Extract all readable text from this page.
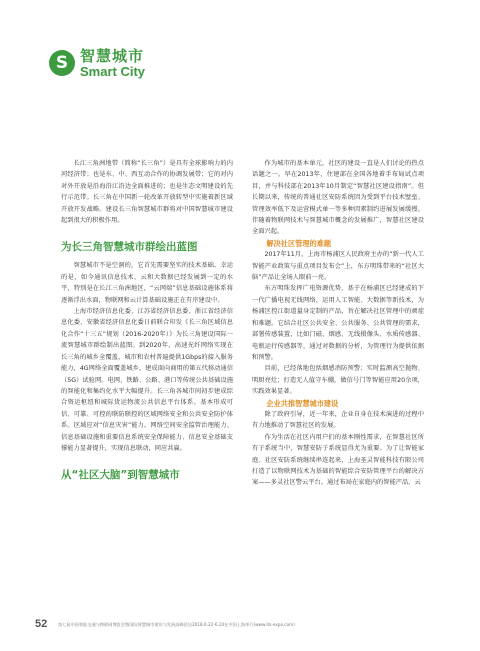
S 智慧城市
Smart City

长江三角洲地带（简称“长三角”）是具有全球影响力的内河经济带；也是东、中、西互动合作的协调发展带；它的对内对外开放是沿海沿江沿边全面推进的；也是生态文明建设的先行示范带。长三角在中国新一轮改革开放转型中实施着新区域开放开发战略。建设长三角智慧城市群将对中国智慧城市建设起到很大的积极作用。

为长三角智慧城市群绘出蓝图

智慧城市不是空洞的，它首先需要坚实的技术基础。幸运的是，如今通讯信息技术、云和大数据已经发展到一定的水平，特别是在长江三角洲地区，“云网端”信息基础设施体系将逐渐浮出水面，物联网和云计算基础设施正在有序建设中。

上海市经济信息化委、江苏省经济信息委、浙江省经济信息化委、安徽省经济信息化委日前联合印发《长三角区域信息化合作“十三五”规划（2016-2020年）》为长三角建设国际一流智慧城市群绘制出蓝图。到2020年，高速光纤网络实现在长三角的城乡全覆盖，城市和农村普遍提供1Gbps的接入服务能力，4G网络全面覆盖城乡，建成面向商用的第五代移动通信（5G）试验网。电网、铁路、公路、港口等传统公共基础设施的智能化和集约化水平大幅提升。长三角各城市间初步建成综合资运枢纽和城际货运物流公共信息平台体系。基本形成可信、可靠、可控的联防联控的区域网络安全和公共安全防护体系。区域应对“信息灾害”能力，网络空间安全监管治理能力、信息基础设施和重要信息系统安全保障能力、信息安全基础支撑能力显著提升，实现信息联动，同应共赢。

从“社区大脑”到智慧城市

作为城市的基本单元，社区的建设一直是人们讨论的热点话题之一。早在2013年，住建部在全国各地着手布局试点项目，并与科技部在2013年10月制定“智慧社区建设指南”。但长期以来，传统的普通社区安防系统因为受到平台技术壁垒、管理效率低下及运营模式单一等多种因素制约进展发展缓慢。伴随着物联网技术与智慧城市概念的发展推广，智慧社区建设全面兴起。

解决社区管理的难题

2017年11月，上海市杨浦区人民政府主办的“新一代人工智能产业政策与重点项目发布会”上，东方明珠带来的“社区大脑”产品让全场人眼前一亮。

东方明珠发挥广电资源优势，基于在杨浦区已经建成的下一代广播电视无线网络，运用人工智能、大数据等新技术，为杨浦区控江街道量身定制的产品，旨在解决社区管理中的顽症和难题。它结合社区公共安全、公共服务、公共管理的需求，部署传感装置，比如门磁、烟感、无线摄像头、水质传感器、电瓶运行传感器等，通过对数据的分析，为管理行为提供依据和预警。

目前，已经落地包括烟感消防预警；实时监测高空抛物、明厨亮灶；打造无人值守车棚，做信号门等智能应用20余项，实践效果显著。

企业共推智慧城市建设

除了政府引导，近一年来，企业自身在技术演进的过程中有力地推动了智慧社区的发展。

作为生活在社区内用户们的基本刚性需求，在智慧社区所有子系统当中，智慧安防子系统显得尤为重要。为了让智能家庭、社区安防系统继续串连起来，上海圣灵智能科技有限公司打造了以物联网技术为基础的智能综合安防管理平台的解决方案——多灵社区警云平台。通过布局在家庭内的智能产品、云

52	第七届中国智能交通与物联网博览会暨国际智慧城市建设与发展高峰论坛2018.6.22-6.24在中国上海举行(www.its-expo.com)
